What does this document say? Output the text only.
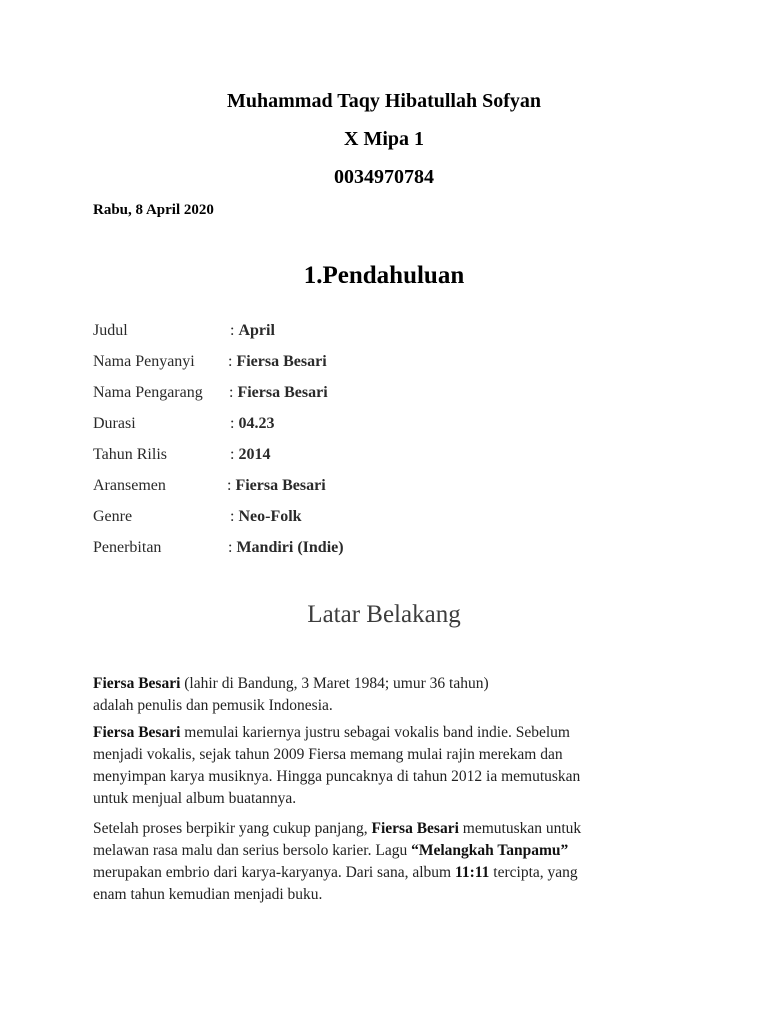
Muhammad Taqy Hibatullah Sofyan
X Mipa 1
0034970784
Rabu, 8 April 2020
1.Pendahuluan
Judul	: April
Nama Penyanyi : Fiersa Besari
Nama Pengarang : Fiersa Besari
Durasi	: 04.23
Tahun Rilis	: 2014
Aransemen	: Fiersa Besari
Genre	: Neo-Folk
Penerbitan	: Mandiri (Indie)
Latar Belakang
Fiersa Besari (lahir di Bandung, 3 Maret 1984; umur 36 tahun)
adalah penulis dan pemusik Indonesia.
Fiersa Besari memulai kariernya justru sebagai vokalis band indie. Sebelum
menjadi vokalis, sejak tahun 2009 Fiersa memang mulai rajin merekam dan
menyimpan karya musiknya. Hingga puncaknya di tahun 2012 ia memutuskan
untuk menjual album buatannya.
Setelah proses berpikir yang cukup panjang, Fiersa Besari memutuskan untuk
melawan rasa malu dan serius bersolo karier. Lagu “Melangkah Tanpamu”
merupakan embrio dari karya-karyanya. Dari sana, album 11:11 tercipta, yang
enam tahun kemudian menjadi buku.
